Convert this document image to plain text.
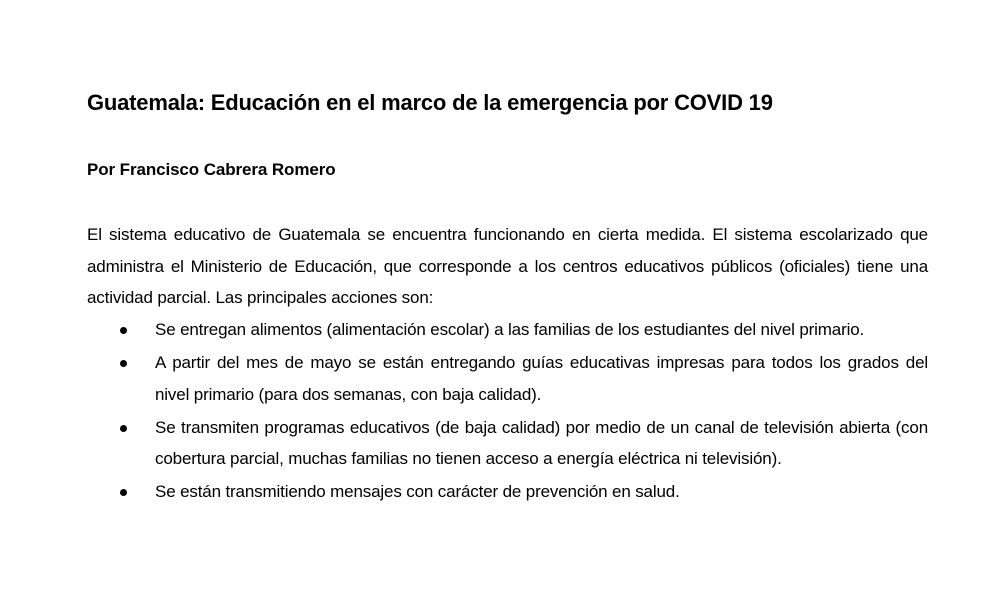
Guatemala: Educación en el marco de la emergencia por COVID 19

Por Francisco Cabrera Romero

El sistema educativo de Guatemala se encuentra funcionando en cierta medida. El sistema escolarizado que administra el Ministerio de Educación, que corresponde a los centros educativos públicos (oficiales) tiene una actividad parcial. Las principales acciones son:

Se entregan alimentos (alimentación escolar) a las familias de los estudiantes del nivel primario.
A partir del mes de mayo se están entregando guías educativas impresas para todos los grados del nivel primario (para dos semanas, con baja calidad).
Se transmiten programas educativos (de baja calidad) por medio de un canal de televisión abierta (con cobertura parcial, muchas familias no tienen acceso a energía eléctrica ni televisión).
Se están transmitiendo mensajes con carácter de prevención en salud.
